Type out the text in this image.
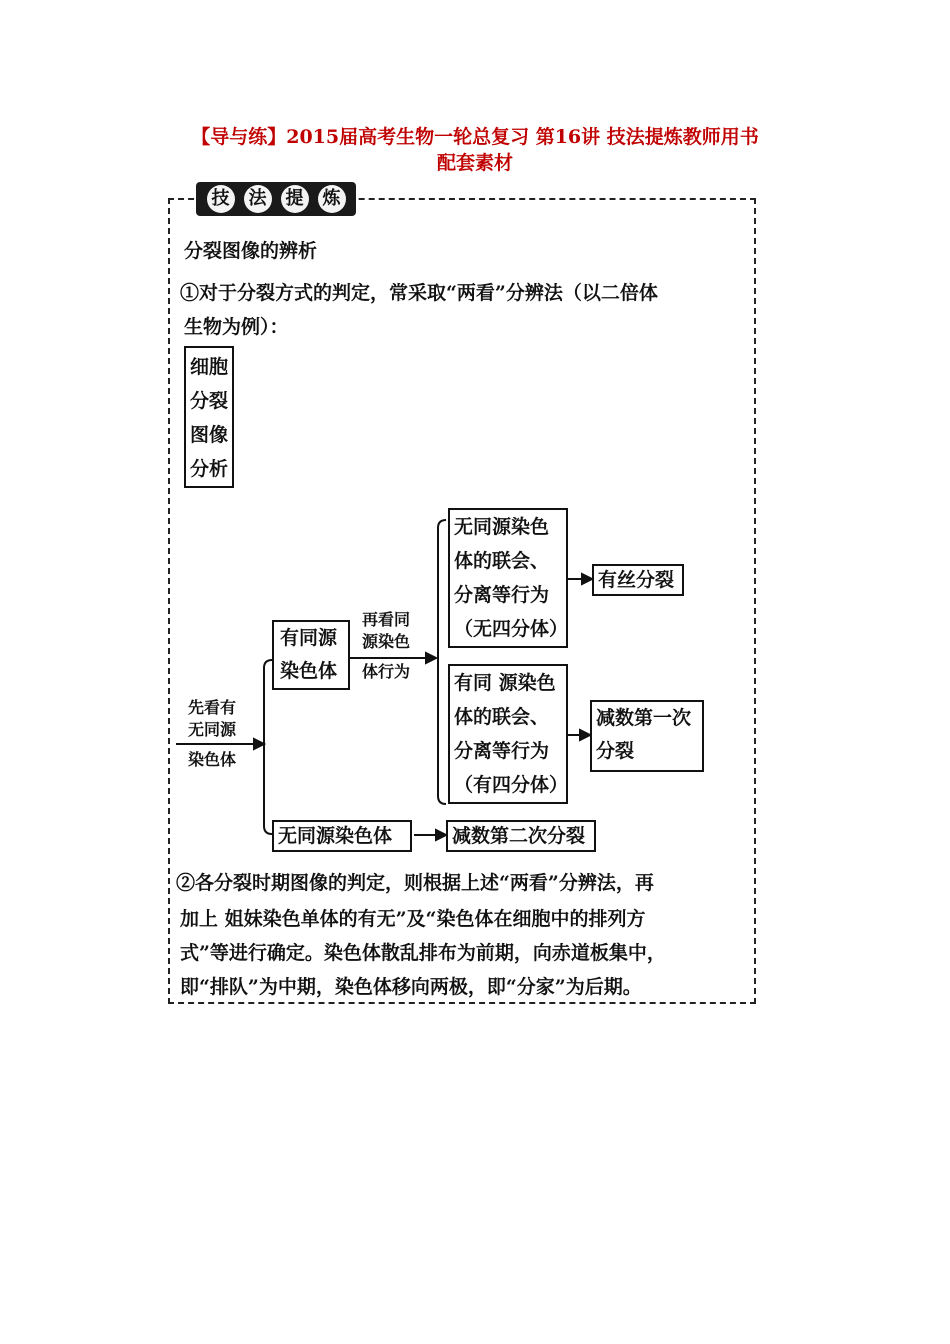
【导与练】2015届高考生物一轮总复习 第16讲 技法提炼教师用书
配套素材
技 法 提 炼
分裂图像的辨析
①对于分裂方式的判定，常采取“两看”分辨法（以二倍体
生物为例）：
细胞
分裂
图像
分析
先看有
无同源
染色体
有同源
染色体
再看同
源染色
体行为
无同源染色
体的联会、
分离等行为
（无四分体）
有丝分裂
有同 源染色
体的联会、
分离等行为
（有四分体）
减数第一次
分裂
无同源染色体	减数第二次分裂
②各分裂时期图像的判定，则根据上述“两看”分辨法，再
加上 姐妹染色单体的有无”及“染色体在细胞中的排列方
式”等进行确定。染色体散乱排布为前期，向赤道板集中，
即“排队”为中期，染色体移向两极，即“分家”为后期。
